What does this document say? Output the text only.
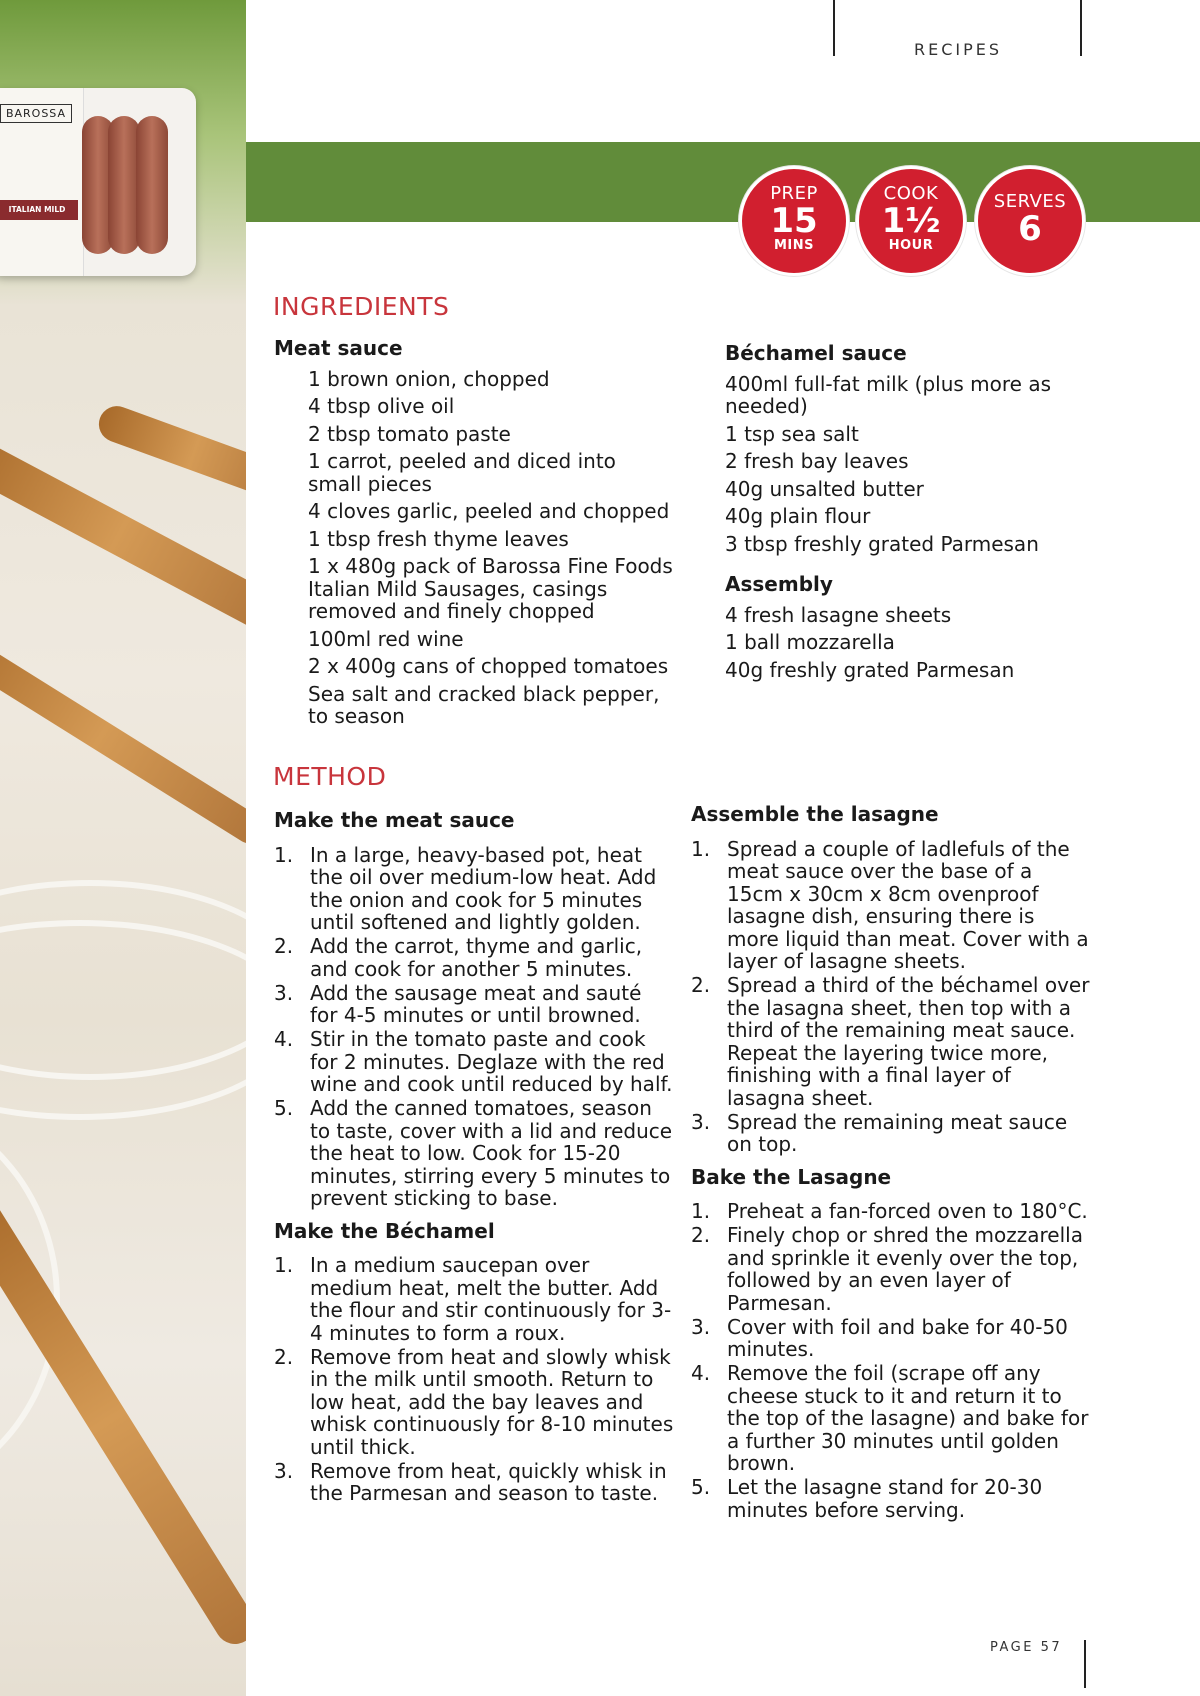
BAROSSA
ITALIAN MILD
RECIPES
PREP
15
MINS
COOK
1½
HOUR
SERVES
6
INGREDIENTS
Meat sauce
1 brown onion, chopped
4 tbsp olive oil
2 tbsp tomato paste
1 carrot, peeled and diced into small pieces
4 cloves garlic, peeled and chopped
1 tbsp fresh thyme leaves
1 x 480g pack of Barossa Fine Foods Italian Mild Sausages, casings removed and finely chopped
100ml red wine
2 x 400g cans of chopped tomatoes
Sea salt and cracked black pepper, to season
Béchamel sauce
400ml full-fat milk (plus more as needed)
1 tsp sea salt
2 fresh bay leaves
40g unsalted butter
40g plain flour
3 tbsp freshly grated Parmesan
Assembly
4 fresh lasagne sheets
1 ball mozzarella
40g freshly grated Parmesan
METHOD
Make the meat sauce
1. In a large, heavy-based pot, heat the oil over medium-low heat. Add the onion and cook for 5 minutes until softened and lightly golden.
2. Add the carrot, thyme and garlic, and cook for another 5 minutes.
3. Add the sausage meat and sauté for 4-5 minutes or until browned.
4. Stir in the tomato paste and cook for 2 minutes. Deglaze with the red wine and cook until reduced by half.
5. Add the canned tomatoes, season to taste, cover with a lid and reduce the heat to low. Cook for 15-20 minutes, stirring every 5 minutes to prevent sticking to base.
Make the Béchamel
1. In a medium saucepan over medium heat, melt the butter. Add the flour and stir continuously for 3-4 minutes to form a roux.
2. Remove from heat and slowly whisk in the milk until smooth. Return to low heat, add the bay leaves and whisk continuously for 8-10 minutes until thick.
3. Remove from heat, quickly whisk in the Parmesan and season to taste.
Assemble the lasagne
1. Spread a couple of ladlefuls of the meat sauce over the base of a 15cm x 30cm x 8cm ovenproof lasagne dish, ensuring there is more liquid than meat. Cover with a layer of lasagne sheets.
2. Spread a third of the béchamel over the lasagna sheet, then top with a third of the remaining meat sauce. Repeat the layering twice more, finishing with a final layer of lasagna sheet.
3. Spread the remaining meat sauce on top.
Bake the Lasagne
1. Preheat a fan-forced oven to 180°C.
2. Finely chop or shred the mozzarella and sprinkle it evenly over the top, followed by an even layer of Parmesan.
3. Cover with foil and bake for 40-50 minutes.
4. Remove the foil (scrape off any cheese stuck to it and return it to the top of the lasagne) and bake for a further 30 minutes until golden brown.
5. Let the lasagne stand for 20-30 minutes before serving.
PAGE 57
